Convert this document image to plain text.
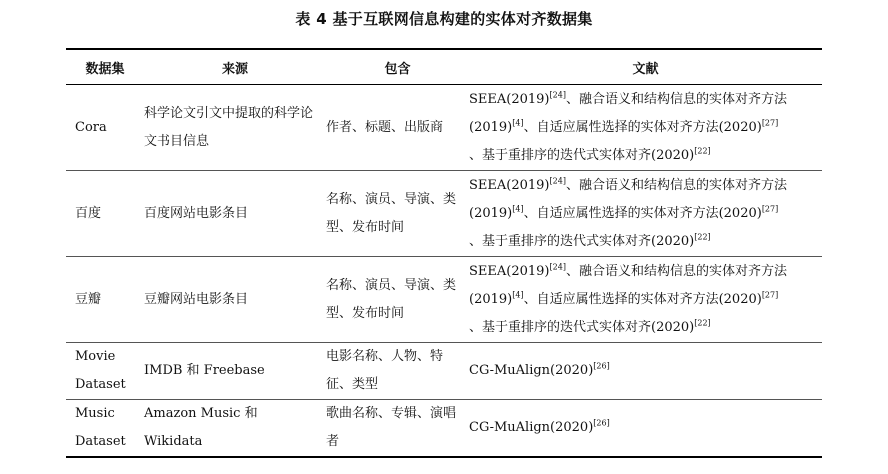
表 4 基于互联网信息构建的实体对齐数据集
数据集	来源	包含	文献
Cora	科学论文引文中提取的科学论文书目信息	作者、标题、出版商	SEEA(2019)[24]、融合语义和结构信息的实体对齐方法
(2019)[4]、自适应属性选择的实体对齐方法(2020)[27]
、基于重排序的迭代式实体对齐(2020)[22]

百度	百度网站电影条目	名称、演员、导演、类型、发布时间	SEEA(2019)[24]、融合语义和结构信息的实体对齐方法
(2019)[4]、自适应属性选择的实体对齐方法(2020)[27]
、基于重排序的迭代式实体对齐(2020)[22]

豆瓣	豆瓣网站电影条目	名称、演员、导演、类型、发布时间	SEEA(2019)[24]、融合语义和结构信息的实体对齐方法
(2019)[4]、自适应属性选择的实体对齐方法(2020)[27]
、基于重排序的迭代式实体对齐(2020)[22]

Movie Dataset	IMDB 和 Freebase	电影名称、人物、特征、类型	CG-MuAlign(2020)[26]

Music Dataset	Amazon Music 和 Wikidata	歌曲名称、专辑、演唱者	CG-MuAlign(2020)[26]
